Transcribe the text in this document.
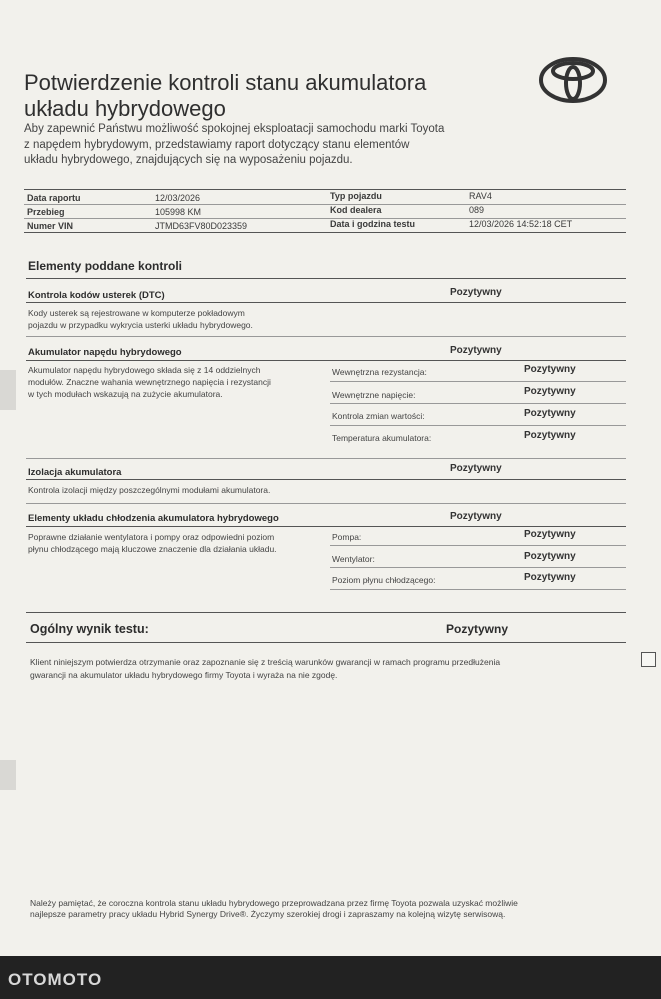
Potwierdzenie kontroli stanu akumulatora
układu hybrydowego
Aby zapewnić Państwu możliwość spokojnej eksploatacji samochodu marki Toyota
z napędem hybrydowym, przedstawiamy raport dotyczący stanu elementów
układu hybrydowego, znajdujących się na wyposażeniu pojazdu.
Data raportu	12/03/2026	Typ pojazdu	RAV4
Przebieg	105998 KM	Kod dealera	089
Numer VIN	JTMD63FV80D023359	Data i godzina testu	12/03/2026 14:52:18 CET
Elementy poddane kontroli
Kontrola kodów usterek (DTC)	Pozytywny
Kody usterek są rejestrowane w komputerze pokładowym
pojazdu w przypadku wykrycia usterki układu hybrydowego.
Akumulator napędu hybrydowego	Pozytywny
Akumulator napędu hybrydowego składa się z 14 oddzielnych
modułów. Znaczne wahania wewnętrznego napięcia i rezystancji
w tych modułach wskazują na zużycie akumulatora.
Wewnętrzna rezystancja:	Pozytywny
Wewnętrzne napięcie:	Pozytywny
Kontrola zmian wartości:	Pozytywny
Temperatura akumulatora:	Pozytywny
Izolacja akumulatora	Pozytywny
Kontrola izolacji między poszczególnymi modułami akumulatora.
Elementy układu chłodzenia akumulatora hybrydowego	Pozytywny
Poprawne działanie wentylatora i pompy oraz odpowiedni poziom
płynu chłodzącego mają kluczowe znaczenie dla działania układu.
Pompa:	Pozytywny
Wentylator:	Pozytywny
Poziom płynu chłodzącego:	Pozytywny
Ogólny wynik testu:	Pozytywny
Klient niniejszym potwierdza otrzymanie oraz zapoznanie się z treścią warunków gwarancji w ramach programu przedłużenia
gwarancji na akumulator układu hybrydowego firmy Toyota i wyraża na nie zgodę.
Należy pamiętać, że coroczna kontrola stanu układu hybrydowego przeprowadzana przez firmę Toyota pozwala uzyskać możliwie
najlepsze parametry pracy układu Hybrid Synergy Drive®. Życzymy szerokiej drogi i zapraszamy na kolejną wizytę serwisową.
OTOMOTO
